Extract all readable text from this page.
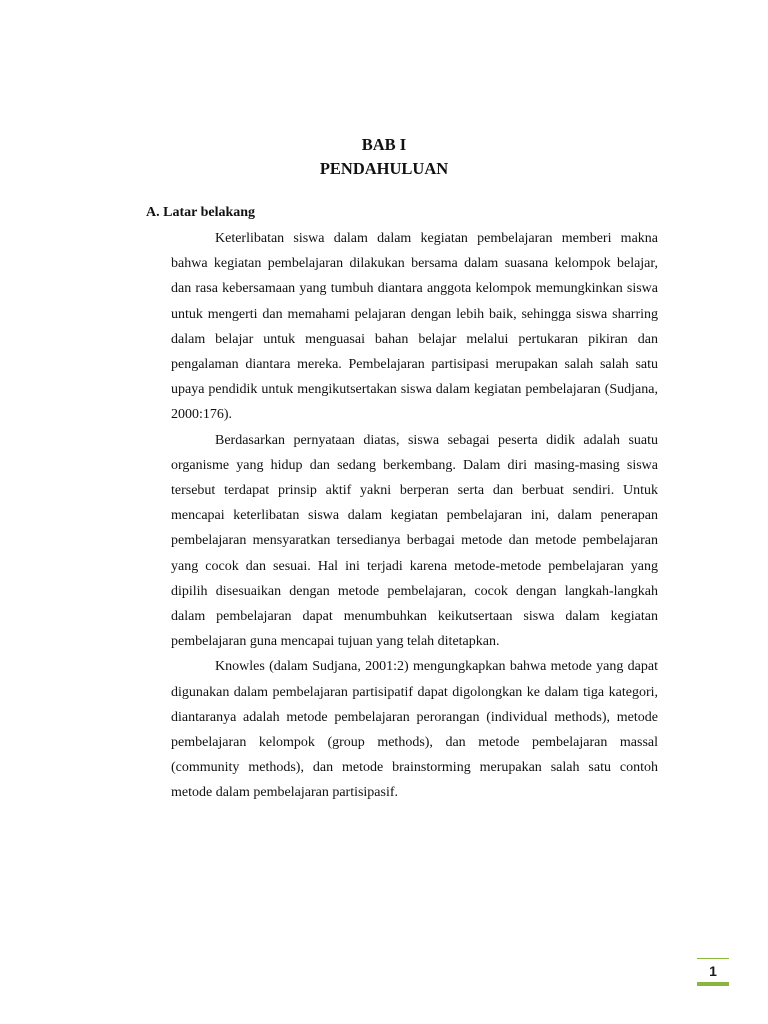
BAB I
PENDAHULUAN
A. Latar belakang

Keterlibatan siswa dalam dalam kegiatan pembelajaran memberi makna bahwa kegiatan pembelajaran dilakukan bersama dalam suasana kelompok belajar, dan rasa kebersamaan yang tumbuh diantara anggota kelompok memungkinkan siswa untuk mengerti dan memahami pelajaran dengan lebih baik, sehingga siswa sharring dalam belajar untuk menguasai bahan belajar melalui pertukaran pikiran dan pengalaman diantara mereka. Pembelajaran partisipasi merupakan salah salah satu upaya pendidik untuk mengikutsertakan siswa dalam kegiatan pembelajaran (Sudjana, 2000:176).

Berdasarkan pernyataan diatas, siswa sebagai peserta didik adalah suatu organisme yang hidup dan sedang berkembang. Dalam diri masing-masing siswa tersebut terdapat prinsip aktif yakni berperan serta dan berbuat sendiri. Untuk mencapai keterlibatan siswa dalam kegiatan pembelajaran ini, dalam penerapan pembelajaran mensyaratkan tersedianya berbagai metode dan metode pembelajaran yang cocok dan sesuai. Hal ini terjadi karena metode-metode pembelajaran yang dipilih disesuaikan dengan metode pembelajaran, cocok dengan langkah-langkah dalam pembelajaran dapat menumbuhkan keikutsertaan siswa dalam kegiatan pembelajaran guna mencapai tujuan yang telah ditetapkan.

Knowles (dalam Sudjana, 2001:2) mengungkapkan bahwa metode yang dapat digunakan dalam pembelajaran partisipatif dapat digolongkan ke dalam tiga kategori, diantaranya adalah metode pembelajaran perorangan (individual methods), metode pembelajaran kelompok (group methods), dan metode pembelajaran massal (community methods), dan metode brainstorming merupakan salah satu contoh metode dalam pembelajaran partisipasif.

1
